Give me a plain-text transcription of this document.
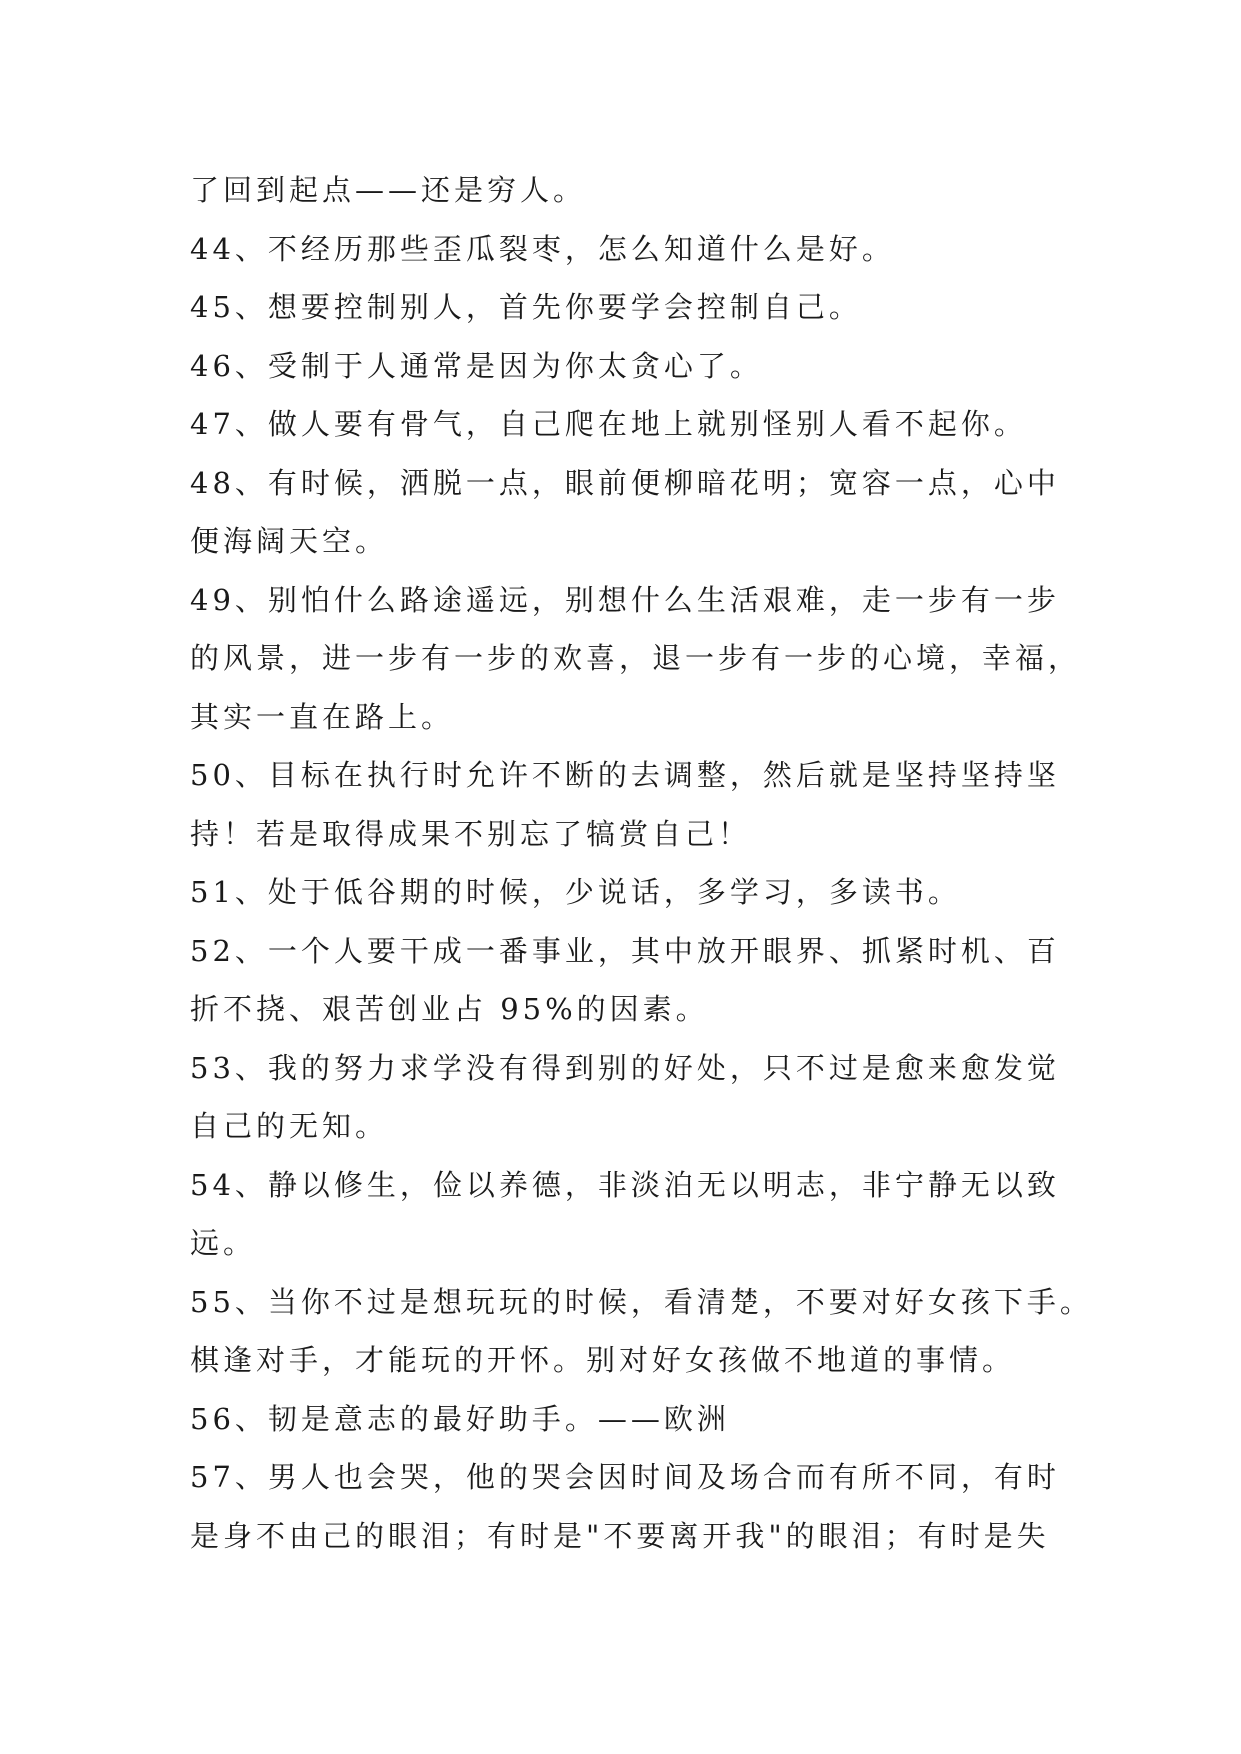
了回到起点——还是穷人。
44、不经历那些歪瓜裂枣，怎么知道什么是好。
45、想要控制别人，首先你要学会控制自己。
46、受制于人通常是因为你太贪心了。
47、做人要有骨气，自己爬在地上就别怪别人看不起你。
48、有时候，洒脱一点，眼前便柳暗花明；宽容一点，心中
便海阔天空。
49、别怕什么路途遥远，别想什么生活艰难，走一步有一步
的风景，进一步有一步的欢喜，退一步有一步的心境，幸福，
其实一直在路上。
50、目标在执行时允许不断的去调整，然后就是坚持坚持坚
持！若是取得成果不别忘了犒赏自己！
51、处于低谷期的时候，少说话，多学习，多读书。
52、一个人要干成一番事业，其中放开眼界、抓紧时机、百
折不挠、艰苦创业占 95%的因素。
53、我的努力求学没有得到别的好处，只不过是愈来愈发觉
自己的无知。
54、静以修生，俭以养德，非淡泊无以明志，非宁静无以致
远。
55、当你不过是想玩玩的时候，看清楚，不要对好女孩下手。
棋逢对手，才能玩的开怀。别对好女孩做不地道的事情。
56、韧是意志的最好助手。——欧洲
57、男人也会哭，他的哭会因时间及场合而有所不同，有时
是身不由己的眼泪；有时是"不要离开我"的眼泪；有时是失
